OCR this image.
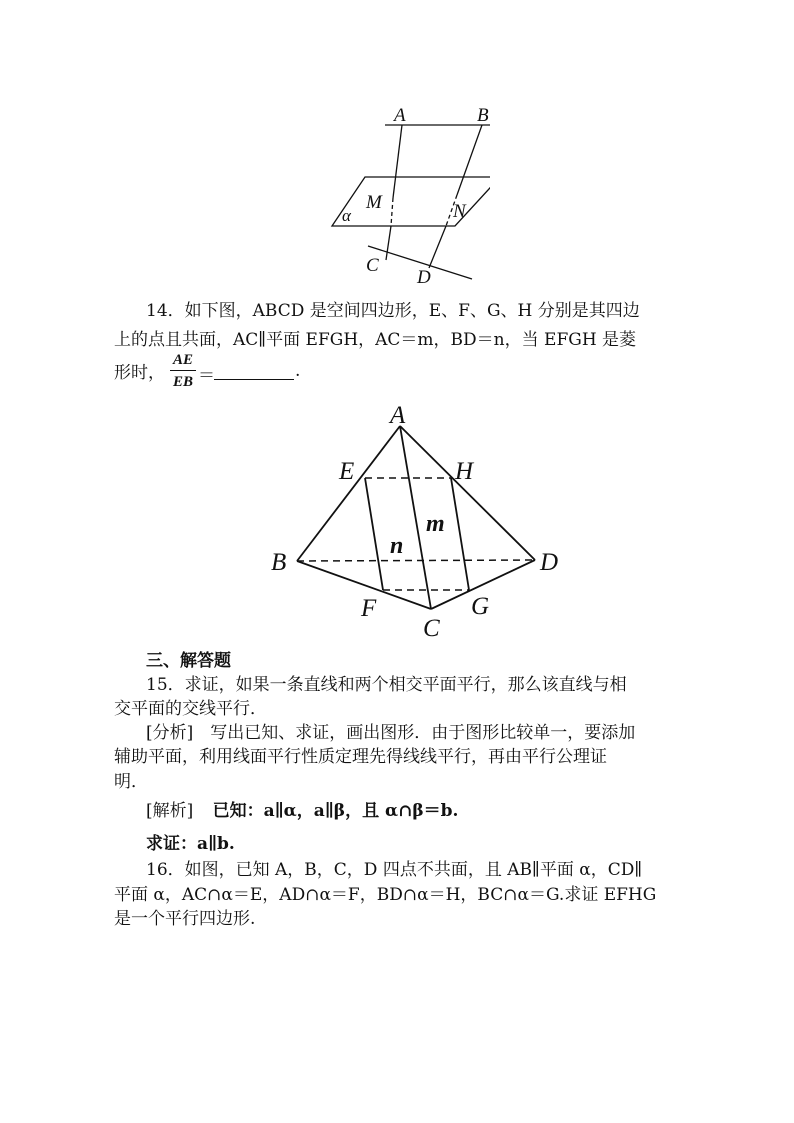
A	B
M	N
α
C
D
14．如下图，ABCD 是空间四边形，E、F、G、H 分别是其四边
上的点且共面，AC∥平面 EFGH，AC＝m，BD＝n，当 EFGH 是菱
形时， $\frac{AE}{EB}$ ＝	.
A
E	H
m
n
B	D
F	G
C
三、解答题
15．求证，如果一条直线和两个相交平面平行，那么该直线与相
交平面的交线平行．
[分析]　写出已知、求证，画出图形．由于图形比较单一，要添加
辅助平面，利用线面平行性质定理先得线线平行，再由平行公理证
明．
[解析] 已知：a∥α，a∥β，且 α∩β＝b.
求证：a∥b.
16．如图，已知 A，B，C，D 四点不共面，且 AB∥平面 α，CD∥
平面 α，AC∩α＝E，AD∩α＝F，BD∩α＝H，BC∩α＝G.求证 EFHG
是一个平行四边形.
